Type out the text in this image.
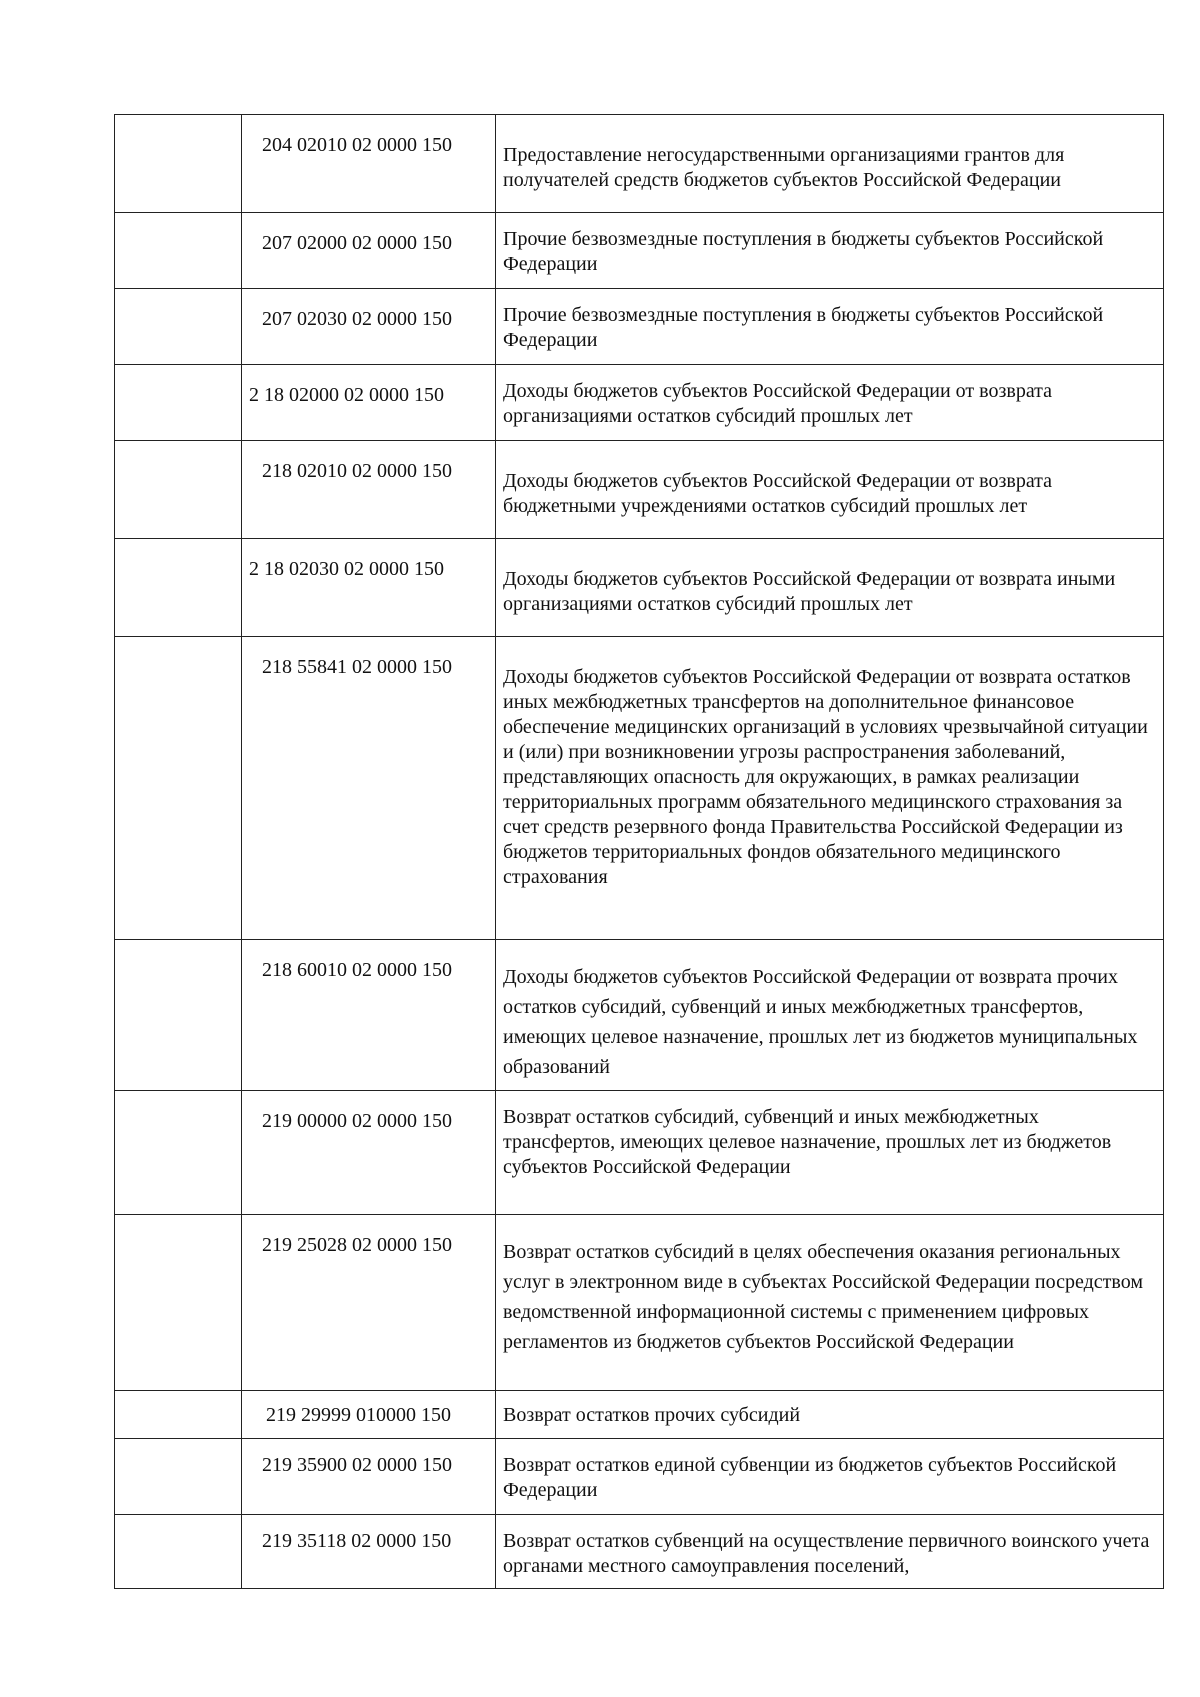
	204 02010 02 0000 150	Предоставление негосударственными организациями грантов для получателей средств бюджетов субъектов Российской Федерации

	207 02000 02 0000 150	Прочие безвозмездные поступления в бюджеты субъектов Российской Федерации

	207 02030 02 0000 150	Прочие безвозмездные поступления в бюджеты субъектов Российской Федерации

	2 18 02000 02 0000 150	Доходы бюджетов субъектов Российской Федерации от возврата организациями остатков субсидий прошлых лет

	218 02010 02 0000 150	Доходы бюджетов субъектов Российской Федерации от возврата бюджетными учреждениями остатков субсидий прошлых лет

	2 18 02030 02 0000 150	Доходы бюджетов субъектов Российской Федерации от возврата иными организациями остатков субсидий прошлых лет

	218 55841 02 0000 150	Доходы бюджетов субъектов Российской Федерации от возврата остатков иных межбюджетных трансфертов на дополнительное финансовое обеспечение медицинских организаций в условиях чрезвычайной ситуации и (или) при возникновении угрозы распространения заболеваний, представляющих опасность для окружающих, в рамках реализации территориальных программ обязательного медицинского страхования за счет средств резервного фонда Правительства Российской Федерации из бюджетов территориальных фондов обязательного медицинского страхования

	218 60010 02 0000 150	Доходы бюджетов субъектов Российской Федерации от возврата прочих остатков субсидий, субвенций и иных межбюджетных трансфертов, имеющих целевое назначение, прошлых лет из бюджетов муниципальных образований

	219 00000 02 0000 150	Возврат остатков субсидий, субвенций и иных межбюджетных трансфертов, имеющих целевое назначение, прошлых лет из бюджетов субъектов Российской Федерации

	219 25028 02 0000 150	Возврат остатков субсидий в целях обеспечения оказания региональных услуг в электронном виде в субъектах Российской Федерации посредством ведомственной информационной системы с применением цифровых регламентов из бюджетов субъектов Российской Федерации

	219 29999 010000 150	Возврат остатков прочих субсидий

	219 35900 02 0000 150	Возврат остатков единой субвенции из бюджетов субъектов Российской Федерации

	219 35118 02 0000 150	Возврат остатков субвенций на осуществление первичного воинского учета органами местного самоуправления поселений,
